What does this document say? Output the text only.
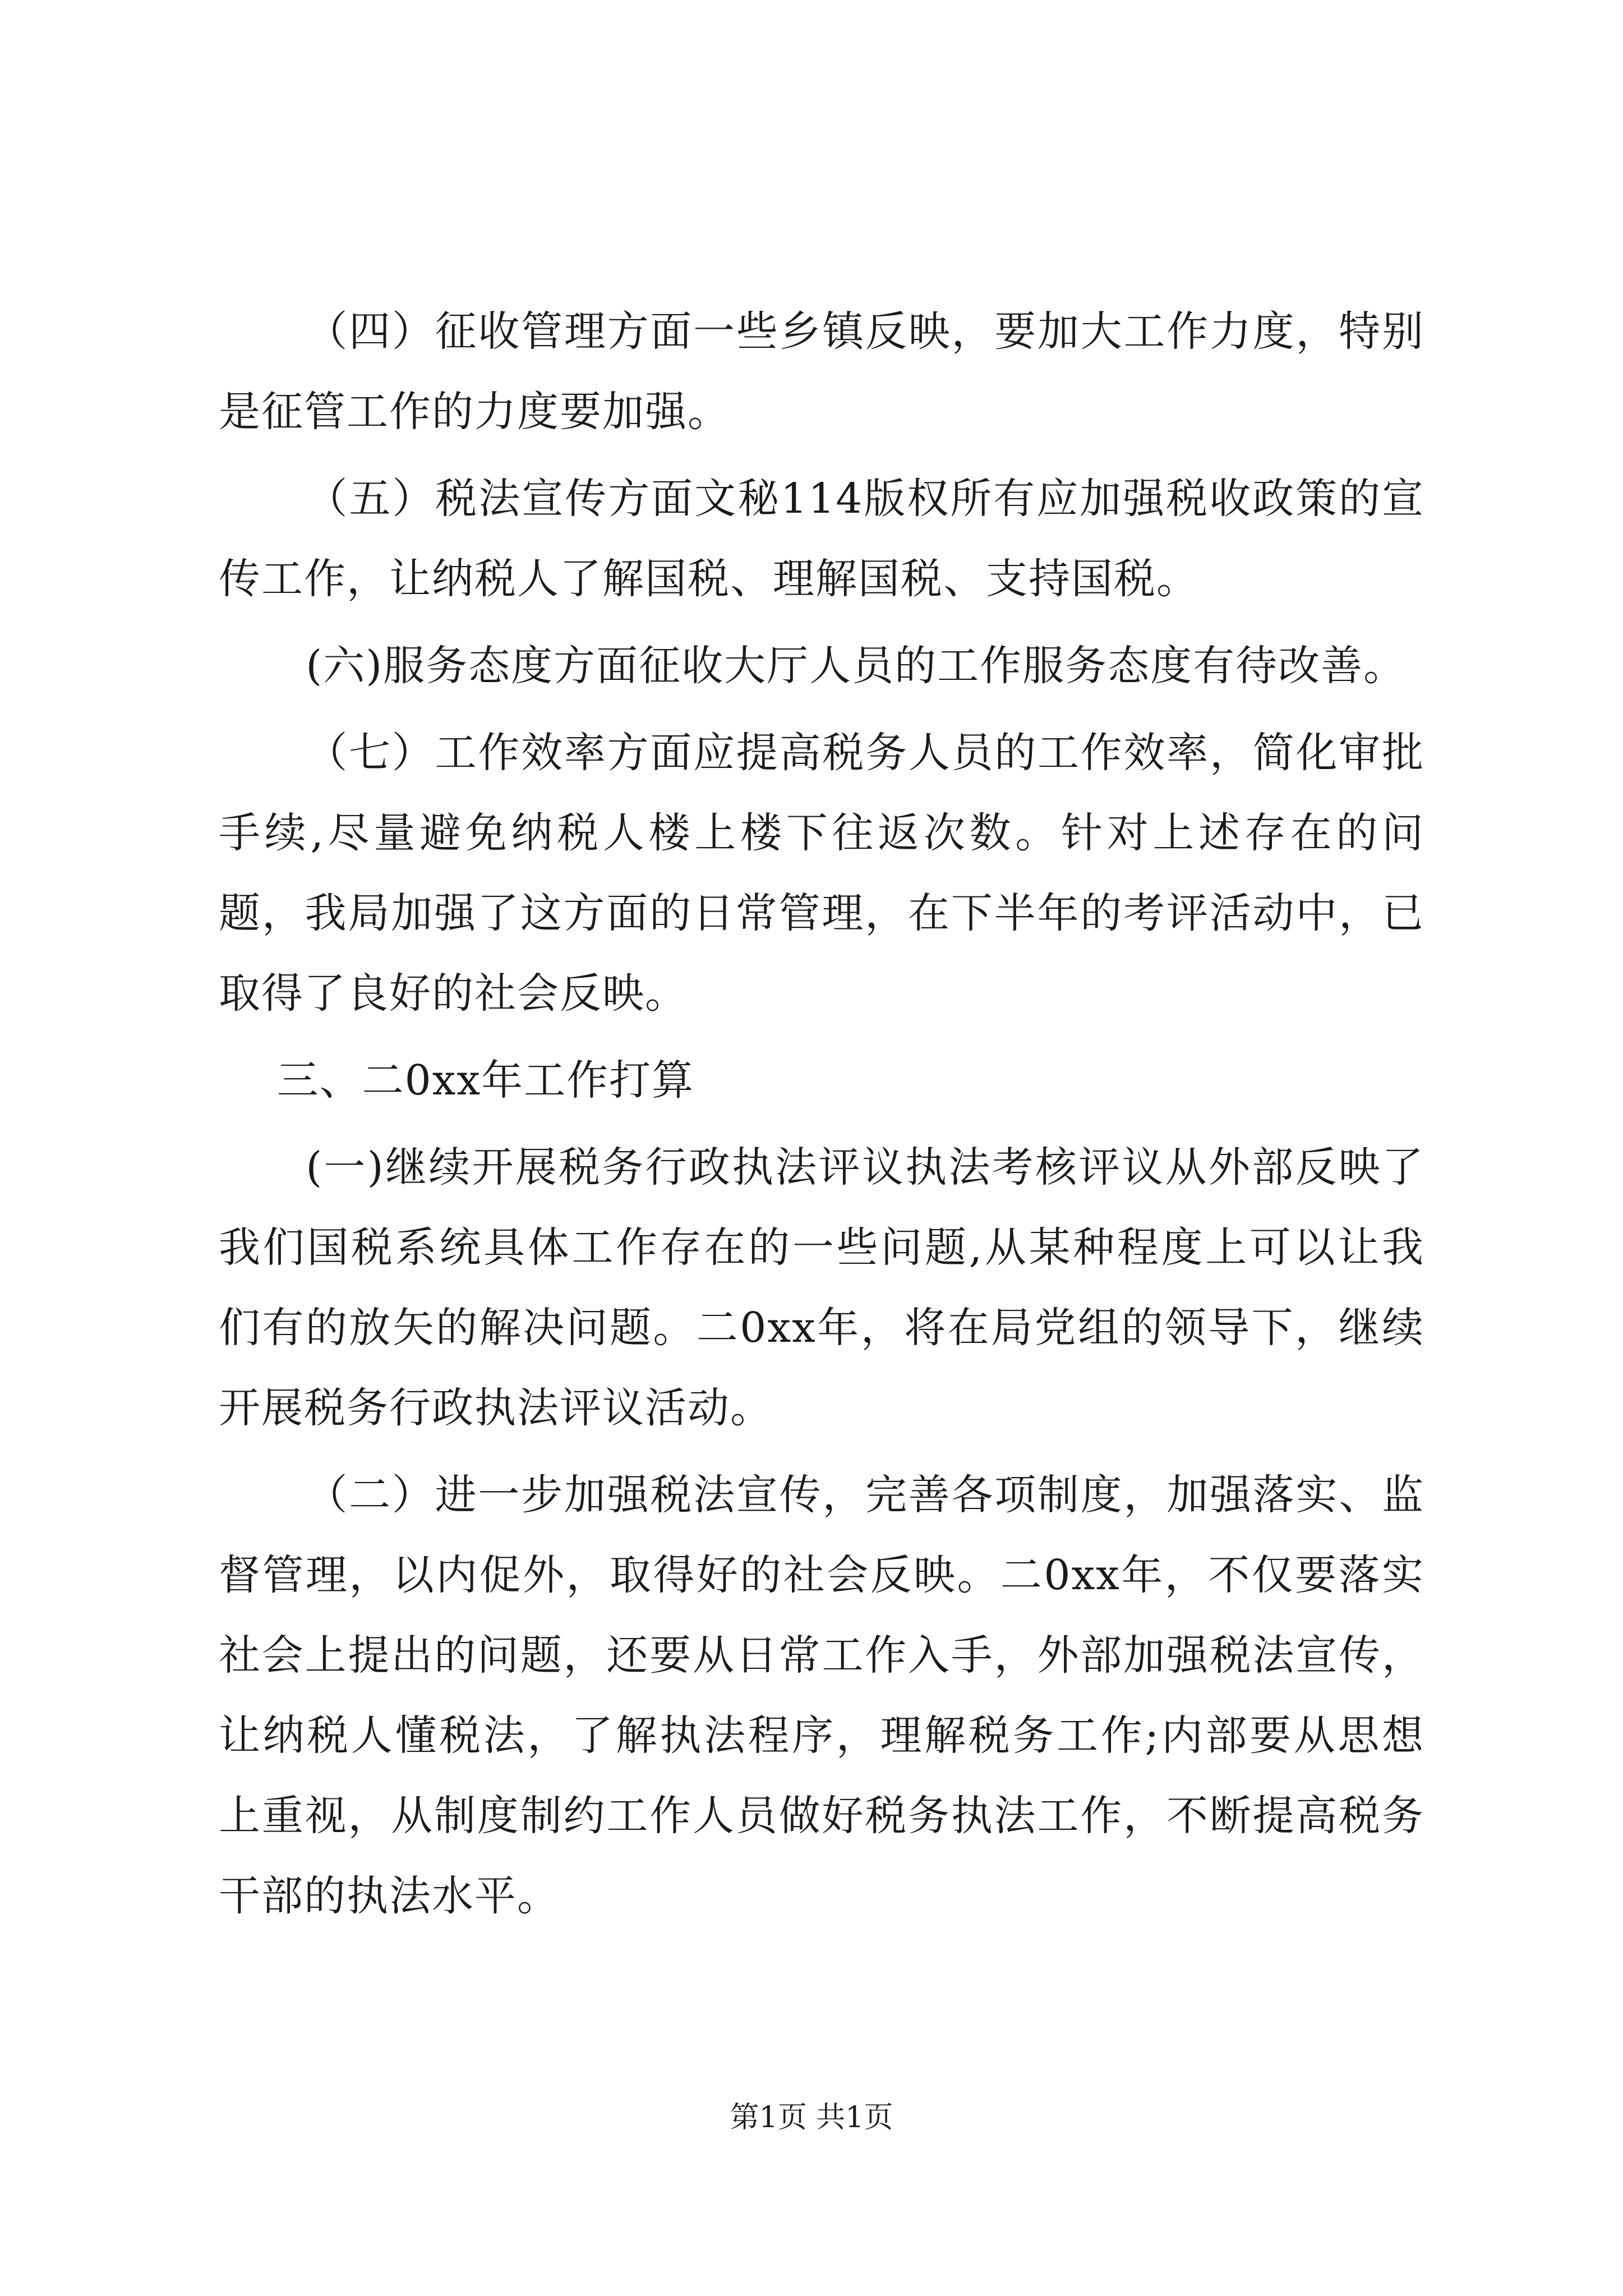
（四）征收管理方面一些乡镇反映，要加大工作力度，特别是征管工作的力度要加强。

（五）税法宣传方面文秘114版权所有应加强税收政策的宣传工作，让纳税人了解国税、理解国税、支持国税。

(六)服务态度方面征收大厅人员的工作服务态度有待改善。

（七）工作效率方面应提高税务人员的工作效率，简化审批手续,尽量避免纳税人楼上楼下往返次数。针对上述存在的问题，我局加强了这方面的日常管理，在下半年的考评活动中，已取得了良好的社会反映。

三、二0xx年工作打算

(一)继续开展税务行政执法评议执法考核评议从外部反映了我们国税系统具体工作存在的一些问题,从某种程度上可以让我们有的放矢的解决问题。二0xx年，将在局党组的领导下，继续开展税务行政执法评议活动。

（二）进一步加强税法宣传，完善各项制度，加强落实、监督管理，以内促外，取得好的社会反映。二0xx年，不仅要落实社会上提出的问题，还要从日常工作入手，外部加强税法宣传，让纳税人懂税法，了解执法程序，理解税务工作;内部要从思想上重视，从制度制约工作人员做好税务执法工作，不断提高税务干部的执法水平。

第1页 共1页
